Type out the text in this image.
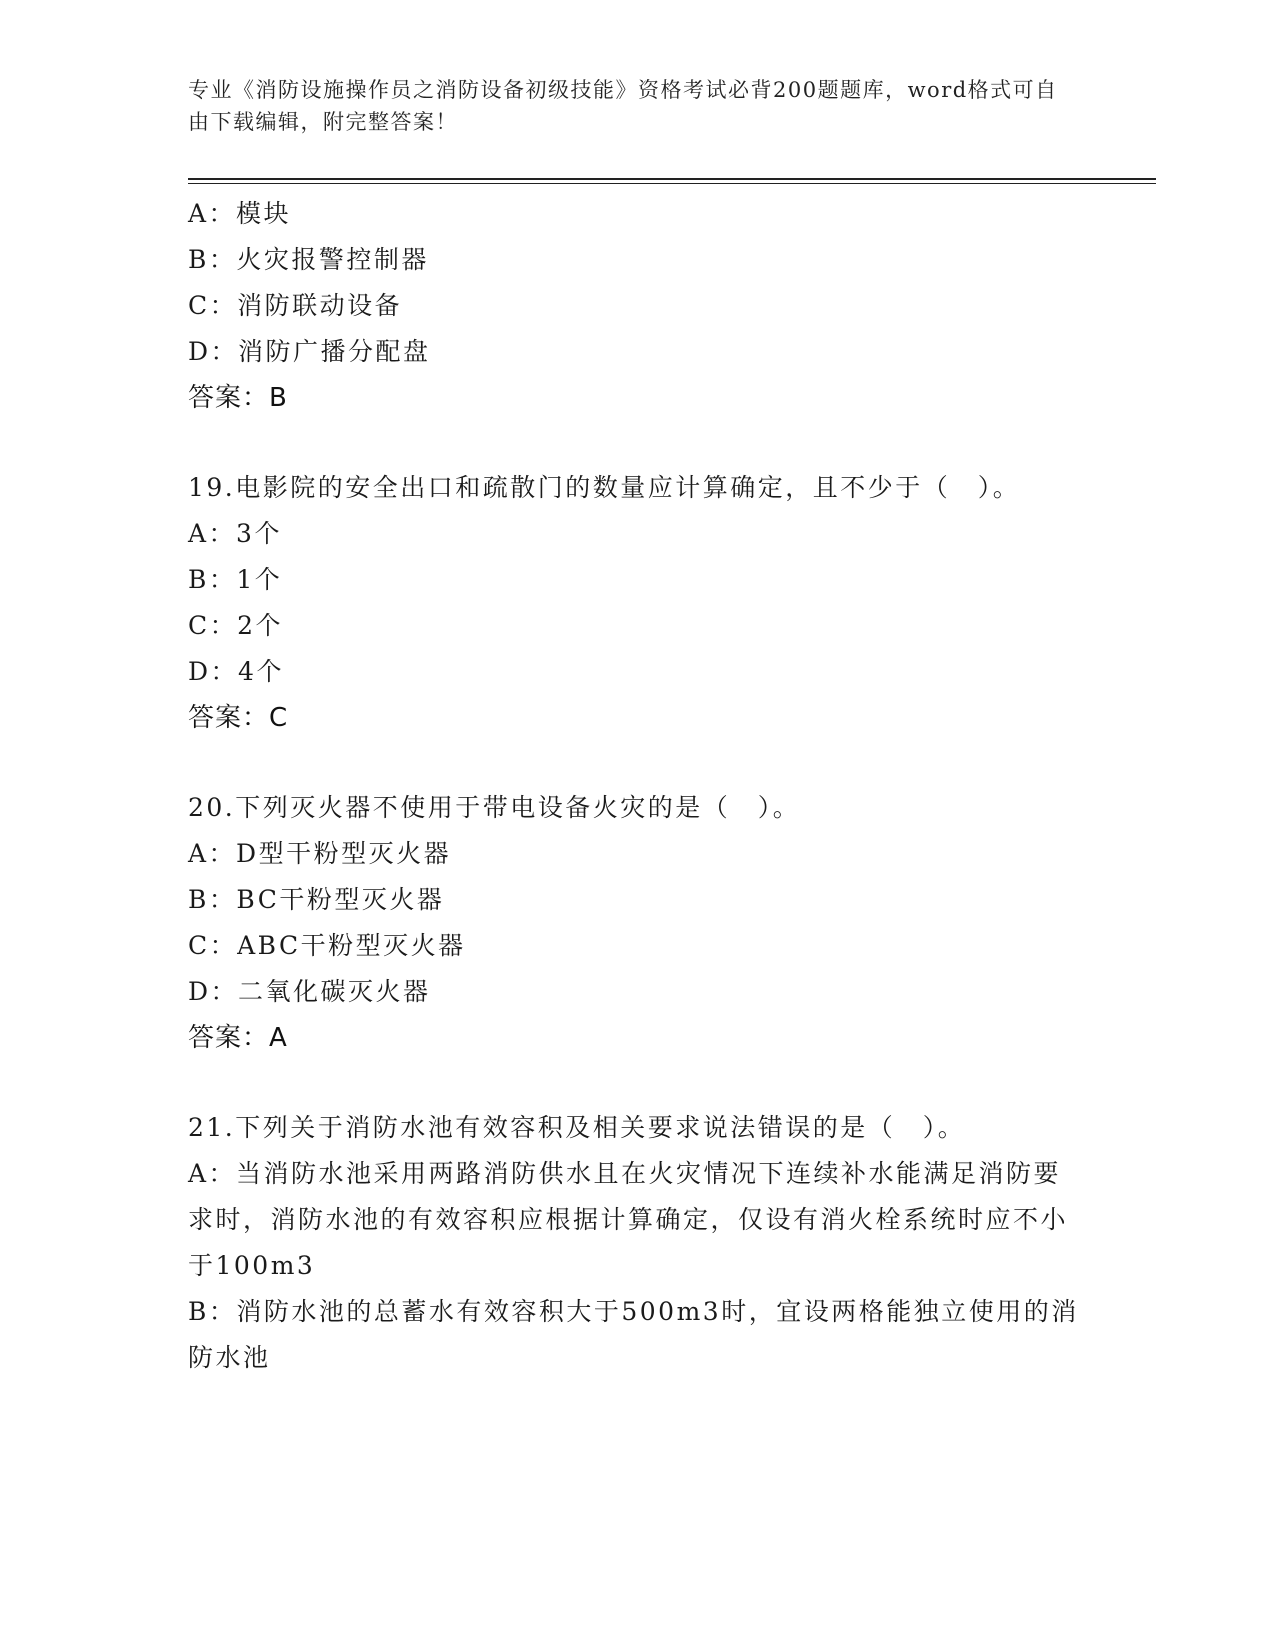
专业《消防设施操作员之消防设备初级技能》资格考试必背200题题库，word格式可自由下载编辑，附完整答案！

A：模块

B：火灾报警控制器

C：消防联动设备

D：消防广播分配盘

答案：B

19.电影院的安全出口和疏散门的数量应计算确定，且不少于（　）。

A：3个

B：1个

C：2个

D：4个

答案：C

20.下列灭火器不使用于带电设备火灾的是（　）。

A：D型干粉型灭火器

B：BC干粉型灭火器

C：ABC干粉型灭火器

D：二氧化碳灭火器

答案：A

21.下列关于消防水池有效容积及相关要求说法错误的是（　）。

A：当消防水池采用两路消防供水且在火灾情况下连续补水能满足消防要求时，消防水池的有效容积应根据计算确定，仅设有消火栓系统时应不小于100m3

B：消防水池的总蓄水有效容积大于500m3时，宜设两格能独立使用的消防水池
